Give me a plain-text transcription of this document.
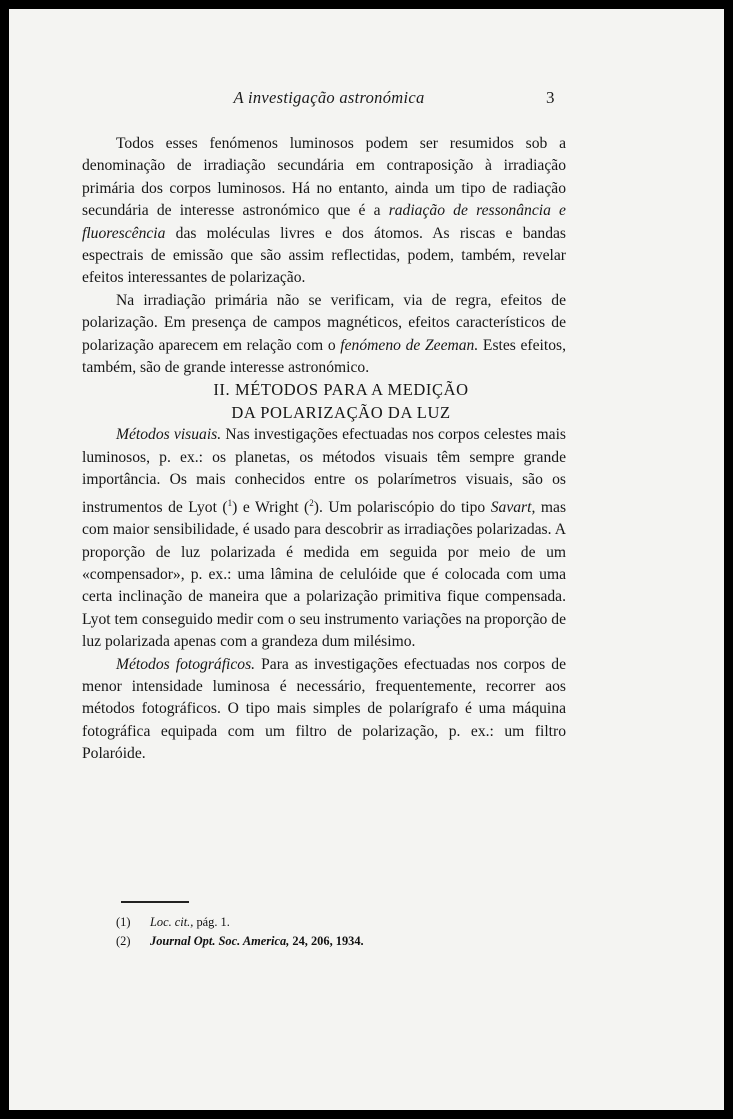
A investigação astronómica	3

Todos esses fenómenos luminosos podem ser resumidos sob a denominação de irradiação secundária em contraposição à irradiação primária dos corpos luminosos. Há no entanto, ainda um tipo de radiação secundária de interesse astronómico que é a radiação de ressonância e fluorescência das moléculas livres e dos átomos. As riscas e bandas espectrais de emissão que são assim reflectidas, podem, também, revelar efeitos interessantes de polarização.

Na irradiação primária não se verificam, via de regra, efeitos de polarização. Em presença de campos magnéticos, efeitos característicos de polarização aparecem em relação com o fenómeno de Zeeman. Estes efeitos, também, são de grande interesse astronómico.

II. MÉTODOS PARA A MEDIÇÃO
DA POLARIZAÇÃO DA LUZ

Métodos visuais. Nas investigações efectuadas nos corpos celestes mais luminosos, p. ex.: os planetas, os métodos visuais têm sempre grande importância. Os mais conhecidos entre os polarímetros visuais, são os instrumentos de Lyot ($^1$) e Wright ($^2$). Um polariscópio do tipo Savart, mas com maior sensibilidade, é usado para descobrir as irradiações polarizadas. A proporção de luz polarizada é medida em seguida por meio de um «compensador», p. ex.: uma lâmina de celulóide que é colocada com uma certa inclinação de maneira que a polarização primitiva fique compensada. Lyot tem conseguido medir com o seu instrumento variações na proporção de luz polarizada apenas com a grandeza dum milésimo.

Métodos fotográficos. Para as investigações efectuadas nos corpos de menor intensidade luminosa é necessário, frequentemente, recorrer aos métodos fotográficos. O tipo mais simples de polarígrafo é uma máquina fotográfica equipada com um filtro de polarização, p. ex.: um filtro Polaróide.

(1) Loc. cit., pág. 1.
(2) Journal Opt. Soc. America, 24, 206, 1934.
